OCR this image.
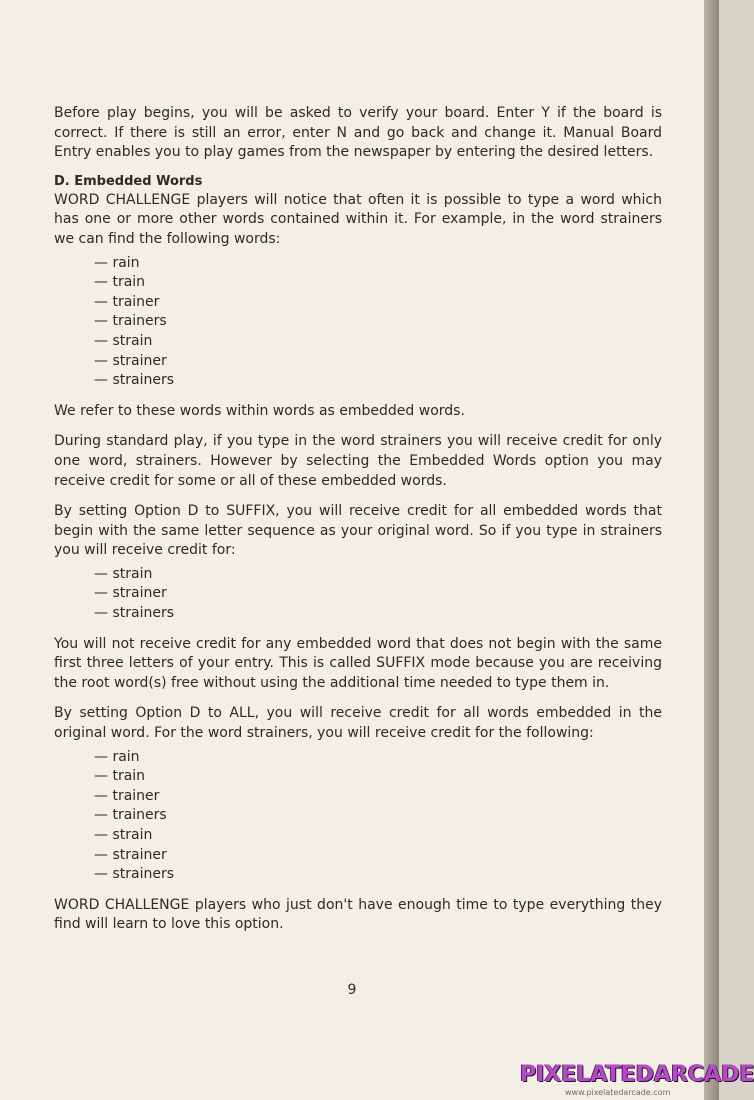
Before play begins, you will be asked to verify your board. Enter Y if the board is correct. If there is still an error, enter N and go back and change it. Manual Board Entry enables you to play games from the newspaper by entering the desired letters.

D. Embedded Words

WORD CHALLENGE players will notice that often it is possible to type a word which has one or more other words contained within it. For example, in the word strainers we can find the following words:

— rain
— train
— trainer
— trainers
— strain
— strainer
— strainers

We refer to these words within words as embedded words.

During standard play, if you type in the word strainers you will receive credit for only one word, strainers. However by selecting the Embedded Words option you may receive credit for some or all of these embedded words.

By setting Option D to SUFFIX, you will receive credit for all embedded words that begin with the same letter sequence as your original word. So if you type in strainers you will receive credit for:

— strain
— strainer
— strainers

You will not receive credit for any embedded word that does not begin with the same first three letters of your entry. This is called SUFFIX mode because you are receiving the root word(s) free without using the additional time needed to type them in.

By setting Option D to ALL, you will receive credit for all words embedded in the original word. For the word strainers, you will receive credit for the following:

— rain
— train
— trainer
— trainers
— strain
— strainer
— strainers

WORD CHALLENGE players who just don't have enough time to type everything they find will learn to love this option.

9
PIXELATEDARCADE
www.pixelatedarcade.com
